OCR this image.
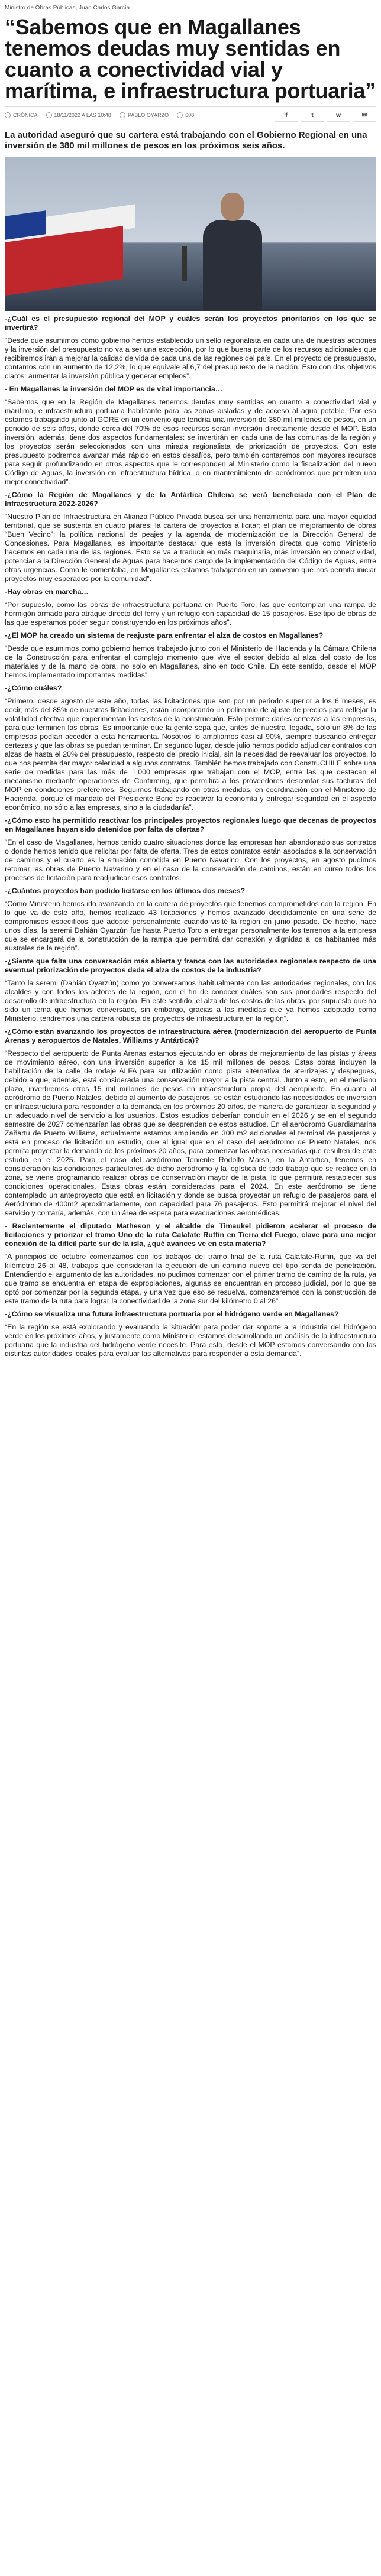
Ministro de Obras Públicas, Juan Carlos García
“Sabemos que en Magallanes tenemos deudas muy sentidas en cuanto a conectividad vial y marítima, e infraestructura portuaria”
CRÓNICA	18/11/2022 A LAS 10:48	PABLO OYARZO	608	f	t	w	✉

La autoridad aseguró que su cartera está trabajando con el Gobierno Regional en una inversión de 380 mil millones de pesos en los próximos seis años.

-¿Cuál es el presupuesto regional del MOP y cuáles serán los proyectos prioritarios en los que se invertirá?

“Desde que asumimos como gobierno hemos establecido un sello regionalista en cada una de nuestras acciones y la inversión del presupuesto no va a ser una excepción, por lo que buena parte de los recursos adicionales que recibiremos irán a mejorar la calidad de vida de cada una de las regiones del país. En el proyecto de presupuesto, contamos con un aumento de 12,2%, lo que equivale al 6,7 del presupuesto de la nación. Esto con dos objetivos claros: aumentar la inversión pública y generar empleos”.

- En Magallanes la inversión del MOP es de vital importancia…

“Sabemos que en la Región de Magallanes tenemos deudas muy sentidas en cuanto a conectividad vial y marítima, e infraestructura portuaria habilitante para las zonas aisladas y de acceso al agua potable. Por eso estamos trabajando junto al GORE en un convenio que tendría una inversión de 380 mil millones de pesos, en un periodo de seis años, donde cerca del 70% de esos recursos serán inversión directamente desde el MOP. Esta inversión, además, tiene dos aspectos fundamentales: se invertirán en cada una de las comunas de la región y los proyectos serán seleccionados con una mirada regionalista de priorización de proyectos. Con este presupuesto podremos avanzar más rápido en estos desafíos, pero también contaremos con mayores recursos para seguir profundizando en otros aspectos que le corresponden al Ministerio como la fiscalización del nuevo Código de Aguas, la inversión en infraestructura hídrica, o en mantenimiento de aeródromos que permiten una mejor conectividad”.

-¿Cómo la Región de Magallanes y de la Antártica Chilena se verá beneficiada con el Plan de Infraestructura 2022-2026?

“Nuestro Plan de Infraestructura en Alianza Público Privada busca ser una herramienta para una mayor equidad territorial, que se sustenta en cuatro pilares: la cartera de proyectos a licitar; el plan de mejoramiento de obras “Buen Vecino”; la política nacional de peajes y la agenda de modernización de la Dirección General de Concesiones. Para Magallanes, es importante destacar que está la inversión directa que como Ministerio hacemos en cada una de las regiones. Esto se va a traducir en más maquinaria, más inversión en conectividad, potenciar a la Dirección General de Aguas para hacernos cargo de la implementación del Código de Aguas, entre otras urgencias. Como le comentaba, en Magallanes estamos trabajando en un convenio que nos permita iniciar proyectos muy esperados por la comunidad”.

-Hay obras en marcha…

“Por supuesto, como las obras de infraestructura portuaria en Puerto Toro, las que contemplan una rampa de hormigón armado para atraque directo del ferry y un refugio con capacidad de 15 pasajeros. Ese tipo de obras de las que esperamos poder seguir construyendo en los próximos años”.

-¿El MOP ha creado un sistema de reajuste para enfrentar el alza de costos en Magallanes?

“Desde que asumimos como gobierno hemos trabajado junto con el Ministerio de Hacienda y la Cámara Chilena de la Construcción para enfrentar el complejo momento que vive el sector debido al alza del costo de los materiales y de la mano de obra, no solo en Magallanes, sino en todo Chile. En este sentido, desde el MOP hemos implementado importantes medidas”.

-¿Cómo cuáles?

“Primero, desde agosto de este año, todas las licitaciones que son por un periodo superior a los 6 meses, es decir, más del 85% de nuestras licitaciones, están incorporando un polinomio de ajuste de precios para reflejar la volatilidad efectiva que experimentan los costos de la construcción. Esto permite darles certezas a las empresas, para que terminen las obras. Es importante que la gente sepa que, antes de nuestra llegada, sólo un 8% de las empresas podían acceder a esta herramienta. Nosotros lo ampliamos casi al 90%, siempre buscando entregar certezas y que las obras se puedan terminar. En segundo lugar, desde julio hemos podido adjudicar contratos con alzas de hasta el 20% del presupuesto, respecto del precio inicial, sin la necesidad de reevaluar los proyectos, lo que nos permite dar mayor celeridad a algunos contratos. También hemos trabajado con ConstruCHILE sobre una serie de medidas para las más de 1.000 empresas que trabajan con el MOP, entre las que destacan el mecanismo mediante operaciones de Confirming, que permitirá a los proveedores descontar sus facturas del MOP en condiciones preferentes. Seguimos trabajando en otras medidas, en coordinación con el Ministerio de Hacienda, porque el mandato del Presidente Boric es reactivar la economía y entregar seguridad en el aspecto económico, no sólo a las empresas, sino a la ciudadanía”.

-¿Cómo esto ha permitido reactivar los principales proyectos regionales luego que decenas de proyectos en Magallanes hayan sido detenidos por falta de ofertas?

“En el caso de Magallanes, hemos tenido cuatro situaciones donde las empresas han abandonado sus contratos o donde hemos tenido que relicitar por falta de oferta. Tres de estos contratos están asociados a la conservación de caminos y el cuarto es la situación conocida en Puerto Navarino. Con los proyectos, en agosto pudimos retomar las obras de Puerto Navarino y en el caso de la conservación de caminos, están en curso todos los procesos de licitación para readjudicar esos contratos.

-¿Cuántos proyectos han podido licitarse en los últimos dos meses?

“Como Ministerio hemos ido avanzando en la cartera de proyectos que tenemos comprometidos con la región. En lo que va de este año, hemos realizado 43 licitaciones y hemos avanzado decididamente en una serie de compromisos específicos que adopté personalmente cuando visité la región en junio pasado. De hecho, hace unos días, la seremi Dahián Oyarzún fue hasta Puerto Toro a entregar personalmente los terrenos a la empresa que se encargará de la construcción de la rampa que permitirá dar conexión y dignidad a los habitantes más australes de la región”.

-¿Siente que falta una conversación más abierta y franca con las autoridades regionales respecto de una eventual priorización de proyectos dada el alza de costos de la industria?

“Tanto la seremi (Dahián Oyarzún) como yo conversamos habitualmente con las autoridades regionales, con los alcaldes y con todos los actores de la región, con el fin de conocer cuáles son sus prioridades respecto del desarrollo de infraestructura en la región. En este sentido, el alza de los costos de las obras, por supuesto que ha sido un tema que hemos conversado, sin embargo, gracias a las medidas que ya hemos adoptado como Ministerio, tendremos una cartera robusta de proyectos de infraestructura en la región”.

-¿Cómo están avanzando los proyectos de infraestructura aérea (modernización del aeropuerto de Punta Arenas y aeropuertos de Natales, Williams y Antártica)?

“Respecto del aeropuerto de Punta Arenas estamos ejecutando en obras de mejoramiento de las pistas y áreas de movimiento aéreo, con una inversión superior a los 15 mil millones de pesos. Estas obras incluyen la habilitación de la calle de rodaje ALFA para su utilización como pista alternativa de aterrizajes y despegues, debido a que, además, está considerada una conservación mayor a la pista central. Junto a esto, en el mediano plazo, invertiremos otros 15 mil millones de pesos en infraestructura propia del aeropuerto. En cuanto al aeródromo de Puerto Natales, debido al aumento de pasajeros, se están estudiando las necesidades de inversión en infraestructura para responder a la demanda en los próximos 20 años, de manera de garantizar la seguridad y un adecuado nivel de servicio a los usuarios. Estos estudios deberían concluir en el 2026 y se en el segundo semestre de 2027 comenzarían las obras que se desprenden de estos estudios. En el aeródromo Guardiamarina Zañartu de Puerto Williams, actualmente estamos ampliando en 300 m2 adicionales el terminal de pasajeros y está en proceso de licitación un estudio, que al igual que en el caso del aeródromo de Puerto Natales, nos permita proyectar la demanda de los próximos 20 años, para comenzar las obras necesarias que resulten de este estudio en el 2025. Para el caso del aeródromo Teniente Rodolfo Marsh, en la Antártica, tenemos en consideración las condiciones particulares de dicho aeródromo y la logística de todo trabajo que se realice en la zona, se viene programando realizar obras de conservación mayor de la pista, lo que permitirá restablecer sus condiciones operacionales. Estas obras están consideradas para el 2024. En este aeródromo se tiene contemplado un anteproyecto que está en licitación y donde se busca proyectar un refugio de pasajeros para el Aeródromo de 400m2 aproximadamente, con capacidad para 76 pasajeros. Esto permitirá mejorar el nivel del servicio y contaría, además, con un área de espera para evacuaciones aeromédicas.

- Recientemente el diputado Matheson y el alcalde de Timaukel pidieron acelerar el proceso de licitaciones y priorizar el tramo Uno de la ruta Calafate Ruffin en Tierra del Fuego, clave para una mejor conexión de la difícil parte sur de la isla, ¿qué avances ve en esta materia?

“A principios de octubre comenzamos con los trabajos del tramo final de la ruta Calafate-Ruffin, que va del kilómetro 26 al 48, trabajos que consideran la ejecución de un camino nuevo del tipo senda de penetración. Entendiendo el argumento de las autoridades, no pudimos comenzar con el primer tramo de camino de la ruta, ya que tramo se encuentra en etapa de expropiaciones, algunas se encuentran en proceso judicial, por lo que se optó por comenzar por la segunda etapa, y una vez que eso se resuelva, comenzaremos con la construcción de este tramo de la ruta para lograr la conectividad de la zona sur del kilómetro 0 al 26”.

-¿Cómo se visualiza una futura infraestructura portuaria por el hidrógeno verde en Magallanes?

“En la región se está explorando y evaluando la situación para poder dar soporte a la industria del hidrógeno verde en los próximos años, y justamente como Ministerio, estamos desarrollando un análisis de la infraestructura portuaria que la industria del hidrógeno verde necesite. Para esto, desde el MOP estamos conversando con las distintas autoridades locales para evaluar las alternativas para responder a esta demanda”.
